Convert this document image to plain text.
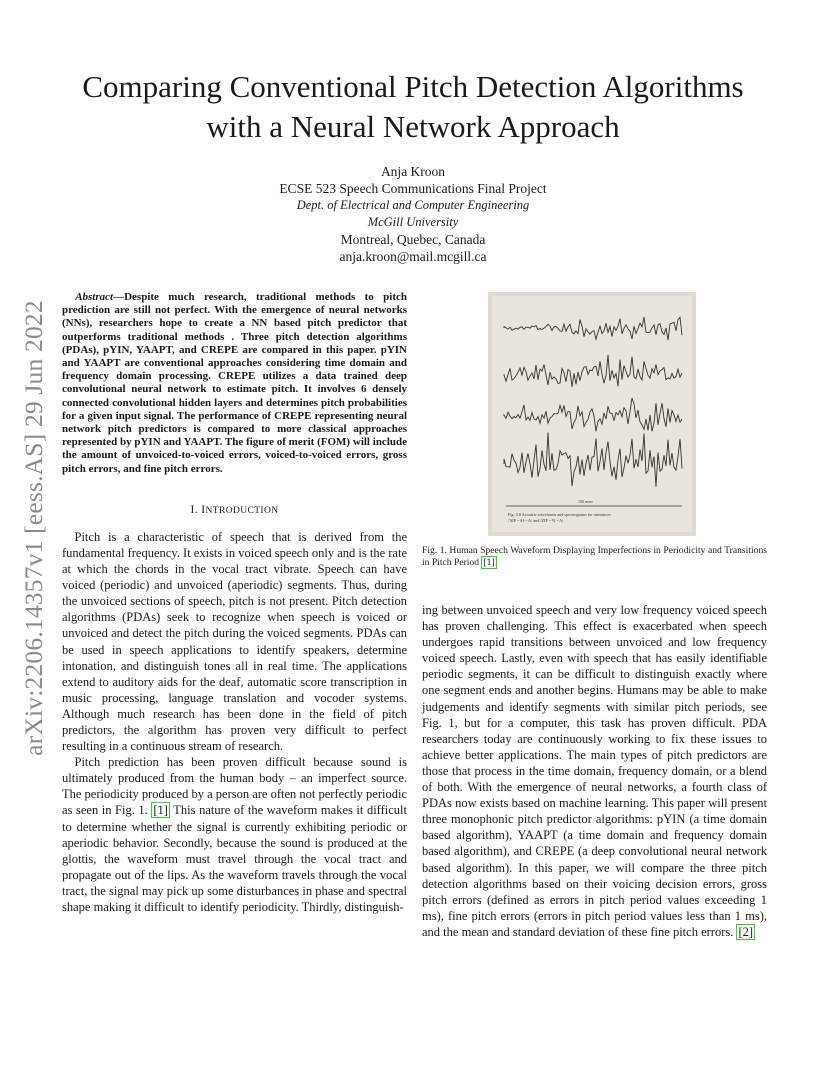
arXiv:2206.14357v1 [eess.AS] 29 Jun 2022
Comparing Conventional Pitch Detection Algorithms with a Neural Network Approach
Anja Kroon
ECSE 523 Speech Communications Final Project
Dept. of Electrical and Computer Engineering
McGill University
Montreal, Quebec, Canada
anja.kroon@mail.mcgill.ca

Abstract—Despite much research, traditional methods to pitch prediction are still not perfect. With the emergence of neural networks (NNs), researchers hope to create a NN based pitch predictor that outperforms traditional methods . Three pitch detection algorithms (PDAs), pYIN, YAAPT, and CREPE are compared in this paper. pYIN and YAAPT are conventional approaches considering time domain and frequency domain processing. CREPE utilizes a data trained deep convolutional neural network to estimate pitch. It involves 6 densely connected convolutional hidden layers and determines pitch probabilities for a given input signal. The performance of CREPE representing neural network pitch predictors is compared to more classical approaches represented by pYIN and YAAPT. The figure of merit (FOM) will include the amount of unvoiced-to-voiced errors, voiced-to-voiced errors, gross pitch errors, and fine pitch errors.

I. INTRODUCTION

Pitch is a characteristic of speech that is derived from the fundamental frequency. It exists in voiced speech only and is the rate at which the chords in the vocal tract vibrate. Speech can have voiced (periodic) and unvoiced (aperiodic) segments. Thus, during the unvoiced sections of speech, pitch is not present. Pitch detection algorithms (PDAs) seek to recognize when speech is voiced or unvoiced and detect the pitch during the voiced segments. PDAs can be used in speech applications to identify speakers, determine intonation, and distinguish tones all in real time. The applications extend to auditory aids for the deaf, automatic score transcription in music processing, language translation and vocoder systems. Although much research has been done in the field of pitch predictors, the algorithm has proven very difficult to perfect resulting in a continuous stream of research.

Pitch prediction has been proven difficult because sound is ultimately produced from the human body – an imperfect source. The periodicity produced by a person are often not perfectly periodic as seen in Fig. 1. [1] This nature of the waveform makes it difficult to determine whether the signal is currently exhibiting periodic or aperiodic behavior. Secondly, because the sound is produced at the glottis, the waveform must travel through the vocal tract and propagate out of the lips. As the waveform travels through the vocal tract, the signal may pick up some disturbances in phase and spectral shape making it difficult to identify periodicity. Thirdly, distinguish-

100 msec
Fig. 3.8 Acoustic waveforms and spectrograms for utterances
/'SIP ~ SI ~ A/ and /ZIP ~ N ~ A/
Fig. 1. Human Speech Waveform Displaying Imperfections in Periodicity and Transitions in Pitch Period [1]

ing between unvoiced speech and very low frequency voiced speech has proven challenging. This effect is exacerbated when speech undergoes rapid transitions between unvoiced and low frequency voiced speech. Lastly, even with speech that has easily identifiable periodic segments, it can be difficult to distinguish exactly where one segment ends and another begins. Humans may be able to make judgements and identify segments with similar pitch periods, see Fig. 1, but for a computer, this task has proven difficult. PDA researchers today are continuously working to fix these issues to achieve better applications. The main types of pitch predictors are those that process in the time domain, frequency domain, or a blend of both. With the emergence of neural networks, a fourth class of PDAs now exists based on machine learning. This paper will present three monophonic pitch predictor algorithms: pYIN (a time domain based algorithm), YAAPT (a time domain and frequency domain based algorithm), and CREPE (a deep convolutional neural network based algorithm). In this paper, we will compare the three pitch detection algorithms based on their voicing decision errors, gross pitch errors (defined as errors in pitch period values exceeding 1 ms), fine pitch errors (errors in pitch period values less than 1 ms), and the mean and standard deviation of these fine pitch errors. [2]
